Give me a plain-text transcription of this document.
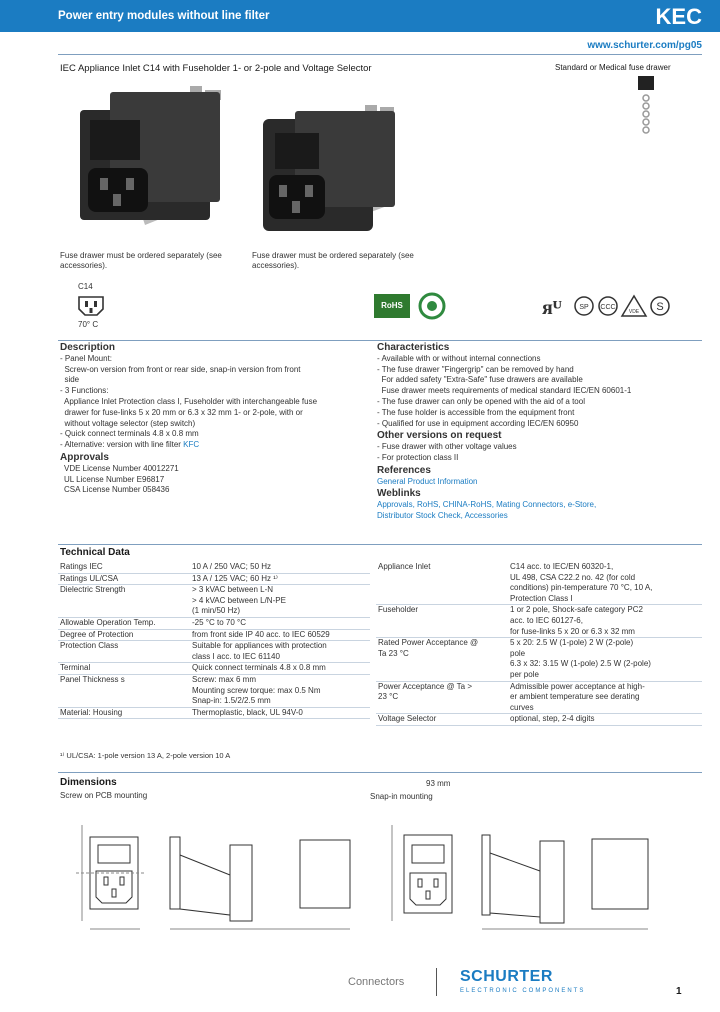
Power entry modules without line filter	KEC
www.schurter.com/pg05
IEC Appliance Inlet C14 with Fuseholder 1- or 2-pole and Voltage Selector	Standard or Medical fuse drawer
Fuse drawer must be ordered separately (see accessories).
Fuse drawer must be ordered separately (see accessories).
C14
70° C
RoHS	ᴙᵁ	SP CCC
VDE S
Description

- Panel Mount:

Screw-on version from front or rear side, snap-in version from front

side

- 3 Functions:

Appliance Inlet Protection class I, Fuseholder with interchangeable fuse

drawer for fuse-links 5 x 20 mm or 6.3 x 32 mm 1- or 2-pole, with or

without voltage selector (step switch)

- Quick connect terminals 4.8 x 0.8 mm

- Alternative: version with line filter KFC

Approvals

VDE License Number 40012271

UL License Number E96817

CSA License Number 058436

Characteristics

- Available with or without internal connections

- The fuse drawer "Fingergrip" can be removed by hand

For added safety "Extra-Safe" fuse drawers are available

Fuse drawer meets requirements of medical standard IEC/EN 60601-1

- The fuse drawer can only be opened with the aid of a tool

- The fuse holder is accessible from the equipment front

- Qualified for use in equipment according IEC/EN 60950

Other versions on request

- Fuse drawer with other voltage values

- For protection class II

References

General Product Information

Weblinks

Approvals, RoHS, CHINA-RoHS, Mating Connectors, e-Store,

Distributor Stock Check, Accessories

Technical Data
Ratings IEC	10 A / 250 VAC; 50 Hz
Ratings UL/CSA	13 A / 125 VAC; 60 Hz ¹⁾
Dielectric Strength	> 3 kVAC between L-N
> 4 kVAC between L/N-PE
(1 min/50 Hz)
Allowable Operation Temp.	-25 °C to 70 °C
Degree of Protection	from front side IP 40 acc. to IEC 60529
Protection Class	Suitable for appliances with protection
class I acc. to IEC 61140
Terminal	Quick connect terminals 4.8 x 0.8 mm
Panel Thickness s	Screw: max 6 mm
Mounting screw torque: max 0.5 Nm
Snap-in: 1.5/2/2.5 mm
Material: Housing	Thermoplastic, black, UL 94V-0
Appliance Inlet	C14 acc. to IEC/EN 60320-1,
UL 498, CSA C22.2 no. 42 (for cold
conditions) pin-temperature 70 °C, 10 A,
Protection Class I
Fuseholder	1 or 2 pole, Shock-safe category PC2
acc. to IEC 60127-6,
for fuse-links 5 x 20 or 6.3 x 32 mm
Rated Power Acceptance @
Ta 23 °C	5 x 20: 2.5 W (1-pole) 2 W (2-pole)
pole
6.3 x 32: 3.15 W (1-pole) 2.5 W (2-pole)
per pole
Power Acceptance @ Ta >
23 °C	Admissible power acceptance at high-
er ambient temperature see derating
curves
Voltage Selector	optional, step, 2-4 digits
¹⁾ UL/CSA: 1-pole version 13 A, 2-pole version 10 A
Dimensions
Screw on PCB mounting	Snap-in mounting
93 mm
Connectors	SCHURTER
ELECTRONIC COMPONENTS	1
